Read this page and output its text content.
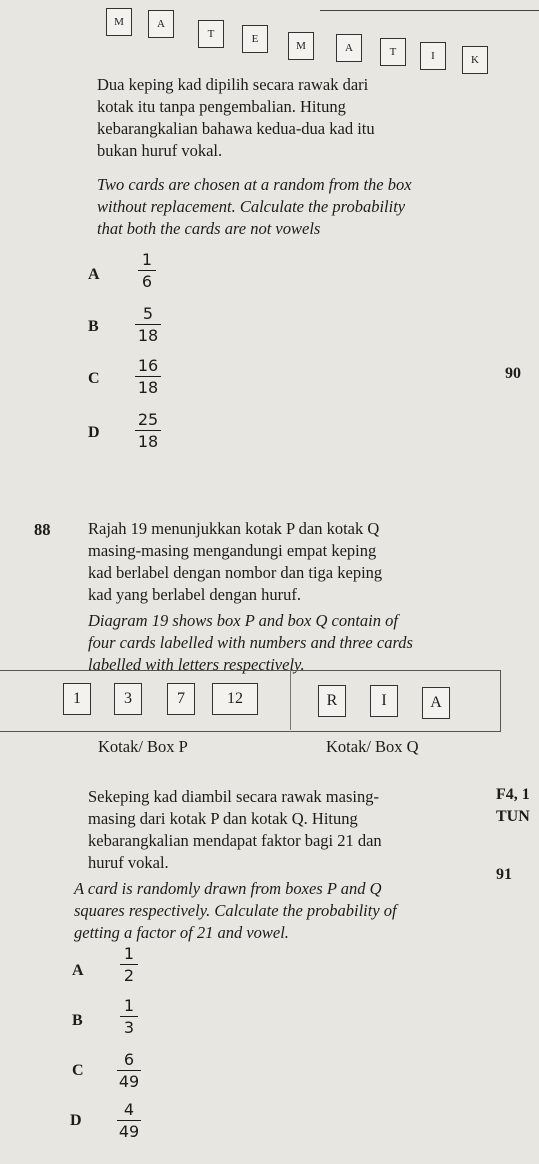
M	A
T	E
M	A	T	I	K
Dua keping kad dipilih secara rawak dari
kotak itu tanpa pengembalian. Hitung
kebarangkalian bahawa kedua-dua kad itu
bukan huruf vokal.
Two cards are chosen at a random from the box
without replacement. Calculate the probability
that both the cards are not vowels
A
1
6
B
5
18
C
16
18
D
25
18
90
88 Rajah 19 menunjukkan kotak P dan kotak Q
masing-masing mengandungi empat keping
kad berlabel dengan nombor dan tiga keping
kad yang berlabel dengan huruf.
Diagram 19 shows box P and box Q contain of
four cards labelled with numbers and three cards
labelled with letters respectively.
1	3	7	12	R	I	A
Kotak/ Box P	Kotak/ Box Q
Sekeping kad diambil secara rawak masing-
masing dari kotak P dan kotak Q. Hitung
kebarangkalian mendapat faktor bagi 21 dan
huruf vokal.
A card is randomly drawn from boxes P and Q
squares respectively. Calculate the probability of
getting a factor of 21 and vowel.
F4, 1
TUN
91
A
1
2
B
1
3
C
6
49
D
4
49
